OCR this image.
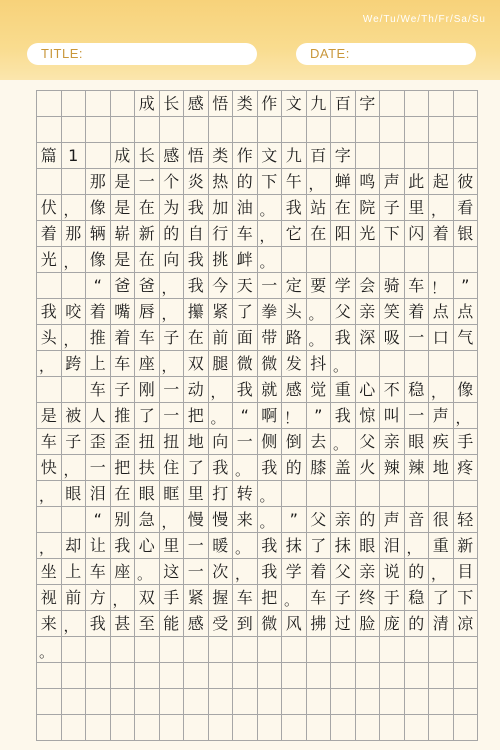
We/Tu/We/Th/Fr/Sa/Su
TITLE:	DATE:
成 长 感 悟 类 作 文 九 百 字
篇 1	成 长 感 悟 类 作 文 九 百 字
那 是 一 个 炎 热 的 下 午 ， 蝉 鸣 声 此 起 彼
伏 ， 像 是 在 为 我 加 油 。 我 站 在 院 子 里 ， 看
着 那 辆 崭 新 的 自 行 车 ， 它 在 阳 光 下 闪 着 银
光 ， 像 是 在 向 我 挑 衅 。
“ 爸 爸 ， 我 今 天 一 定 要 学 会 骑 车 ！ ”
我 咬 着 嘴 唇 ， 攥 紧 了 拳 头 。 父 亲 笑 着 点 点
头 ， 推 着 车 子 在 前 面 带 路 。 我 深 吸 一 口 气
， 跨 上 车 座 ， 双 腿 微 微 发 抖 。
车 子 刚 一 动 ， 我 就 感 觉 重 心 不 稳 ， 像
是 被 人 推 了 一 把 。 “ 啊 ！ ” 我 惊 叫 一 声 ，
车 子 歪 歪 扭 扭 地 向 一 侧 倒 去 。 父 亲 眼 疾 手
快 ， 一 把 扶 住 了 我 。 我 的 膝 盖 火 辣 辣 地 疼
， 眼 泪 在 眼 眶 里 打 转 。
“ 别 急 ， 慢 慢 来 。 ” 父 亲 的 声 音 很 轻
， 却 让 我 心 里 一 暖 。 我 抹 了 抹 眼 泪 ， 重 新
坐 上 车 座 。 这 一 次 ， 我 学 着 父 亲 说 的 ， 目
视 前 方 ， 双 手 紧 握 车 把 。 车 子 终 于 稳 了 下
来 ， 我 甚 至 能 感 受 到 微 风 拂 过 脸 庞 的 清 凉
。
